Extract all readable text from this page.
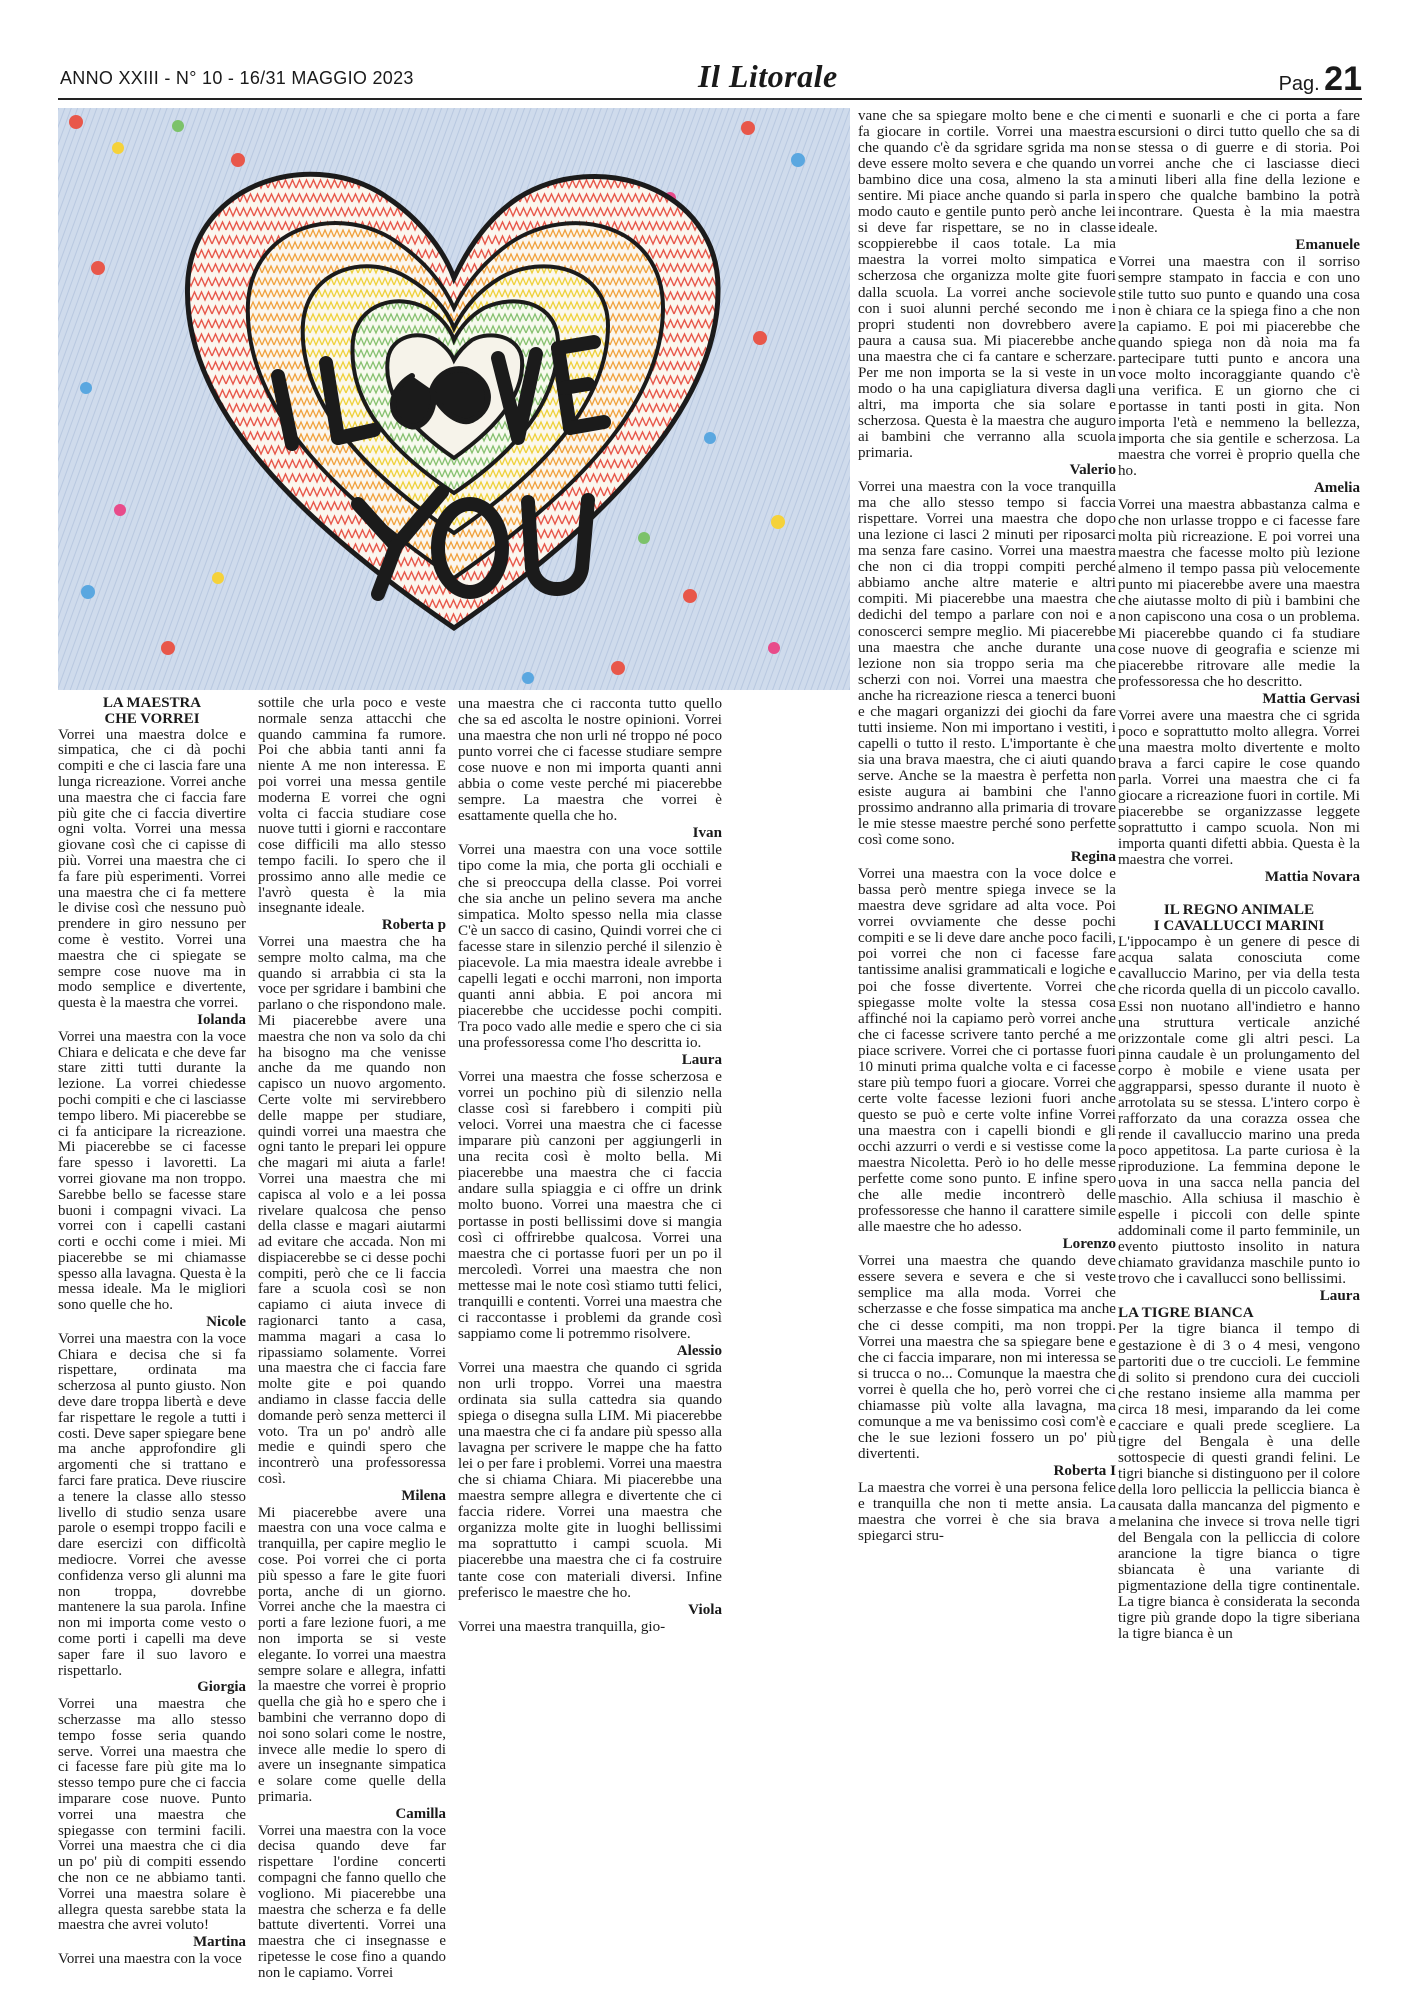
ANNO XXIII - N° 10 - 16/31 MAGGIO 2023	Il Litorale	Pag. 21
LA MAESTRA
CHE VORREI

Vorrei una maestra dolce e simpatica, che ci dà pochi compiti e che ci lascia fare una lunga ricreazione. Vorrei anche una maestra che ci faccia fare più gite che ci faccia divertire ogni volta. Vorrei una messa giovane così che ci capisse di più. Vorrei una maestra che ci fa fare più esperimenti. Vorrei una maestra che ci fa mettere le divise così che nessuno può prendere in giro nessuno per come è vestito. Vorrei una maestra che ci spiegate se sempre cose nuove ma in modo semplice e divertente, questa è la maestra che vorrei.

Iolanda

Vorrei una maestra con la voce Chiara e delicata e che deve far stare zitti tutti durante la lezione. La vorrei chiedesse pochi compiti e che ci lasciasse tempo libero. Mi piacerebbe se ci fa anticipare la ricreazione. Mi piacerebbe se ci facesse fare spesso i lavoretti. La vorrei giovane ma non troppo. Sarebbe bello se facesse stare buoni i compagni vivaci. La vorrei con i capelli castani corti e occhi come i miei. Mi piacerebbe se mi chiamasse spesso alla lavagna. Questa è la messa ideale. Ma le migliori sono quelle che ho.

Nicole

Vorrei una maestra con la voce Chiara e decisa che si fa rispettare, ordinata ma scherzosa al punto giusto. Non deve dare troppa libertà e deve far rispettare le regole a tutti i costi. Deve saper spiegare bene ma anche approfondire gli argomenti che si trattano e farci fare pratica. Deve riuscire a tenere la classe allo stesso livello di studio senza usare parole o esempi troppo facili e dare esercizi con difficoltà mediocre. Vorrei che avesse confidenza verso gli alunni ma non troppa, dovrebbe mantenere la sua parola. Infine non mi importa come vesto o come porti i capelli ma deve saper fare il suo lavoro e rispettarlo.

Giorgia

Vorrei una maestra che scherzasse ma allo stesso tempo fosse seria quando serve. Vorrei una maestra che ci facesse fare più gite ma lo stesso tempo pure che ci faccia imparare cose nuove. Punto vorrei una maestra che spiegasse con termini facili. Vorrei una maestra che ci dia un po' più di compiti essendo che non ce ne abbiamo tanti. Vorrei una maestra solare è allegra questa sarebbe stata la maestra che avrei voluto!

Martina

Vorrei una maestra con la voce

sottile che urla poco e veste normale senza attacchi che quando cammina fa rumore. Poi che abbia tanti anni fa niente A me non interessa. E poi vorrei una messa gentile moderna E vorrei che ogni volta ci faccia studiare cose nuove tutti i giorni e raccontare cose difficili ma allo stesso tempo facili. Io spero che il prossimo anno alle medie ce l'avrò questa è la mia insegnante ideale.

Roberta p

Vorrei una maestra che ha sempre molto calma, ma che quando si arrabbia ci sta la voce per sgridare i bambini che parlano o che rispondono male. Mi piacerebbe avere una maestra che non va solo da chi ha bisogno ma che venisse anche da me quando non capisco un nuovo argomento. Certe volte mi servirebbero delle mappe per studiare, quindi vorrei una maestra che ogni tanto le prepari lei oppure che magari mi aiuta a farle! Vorrei una maestra che mi capisca al volo e a lei possa rivelare qualcosa che penso della classe e magari aiutarmi ad evitare che accada. Non mi dispiacerebbe se ci desse pochi compiti, però che ce li faccia fare a scuola così se non capiamo ci aiuta invece di ragionarci tanto a casa, mamma magari a casa lo ripassiamo solamente. Vorrei una maestra che ci faccia fare molte gite e poi quando andiamo in classe faccia delle domande però senza metterci il voto. Tra un po' andrò alle medie e quindi spero che incontrerò una professoressa così.

Milena

Mi piacerebbe avere una maestra con una voce calma e tranquilla, per capire meglio le cose. Poi vorrei che ci porta più spesso a fare le gite fuori porta, anche di un giorno. Vorrei anche che la maestra ci porti a fare lezione fuori, a me non importa se si veste elegante. Io vorrei una maestra sempre solare e allegra, infatti la maestre che vorrei è proprio quella che già ho e spero che i bambini che verranno dopo di noi sono solari come le nostre, invece alle medie lo spero di avere un insegnante simpatica e solare come quelle della primaria.

Camilla

Vorrei una maestra con la voce decisa quando deve far rispettare l'ordine concerti compagni che fanno quello che vogliono. Mi piacerebbe una maestra che scherza e fa delle battute divertenti. Vorrei una maestra che ci insegnasse e ripetesse le cose fino a quando non le capiamo. Vorrei

una maestra che ci racconta tutto quello che sa ed ascolta le nostre opinioni. Vorrei una maestra che non urli né troppo né poco punto vorrei che ci facesse studiare sempre cose nuove e non mi importa quanti anni abbia o come veste perché mi piacerebbe sempre. La maestra che vorrei è esattamente quella che ho.

Ivan

Vorrei una maestra con una voce sottile tipo come la mia, che porta gli occhiali e che si preoccupa della classe. Poi vorrei che sia anche un pelino severa ma anche simpatica. Molto spesso nella mia classe C'è un sacco di casino, Quindi vorrei che ci facesse stare in silenzio perché il silenzio è piacevole. La mia maestra ideale avrebbe i capelli legati e occhi marroni, non importa quanti anni abbia. E poi ancora mi piacerebbe che uccidesse pochi compiti. Tra poco vado alle medie e spero che ci sia una professoressa come l'ho descritta io.

Laura

Vorrei una maestra che fosse scherzosa e vorrei un pochino più di silenzio nella classe così si farebbero i compiti più veloci. Vorrei una maestra che ci facesse imparare più canzoni per aggiungerli in una recita così è molto bella. Mi piacerebbe una maestra che ci faccia andare sulla spiaggia e ci offre un drink molto buono. Vorrei una maestra che ci portasse in posti bellissimi dove si mangia così ci offrirebbe qualcosa. Vorrei una maestra che ci portasse fuori per un po il mercoledì. Vorrei una maestra che non mettesse mai le note così stiamo tutti felici, tranquilli e contenti. Vorrei una maestra che ci raccontasse i problemi da grande così sappiamo come li potremmo risolvere.

Alessio

Vorrei una maestra che quando ci sgrida non urli troppo. Vorrei una maestra ordinata sia sulla cattedra sia quando spiega o disegna sulla LIM. Mi piacerebbe una maestra che ci fa andare più spesso alla lavagna per scrivere le mappe che ha fatto lei o per fare i problemi. Vorrei una maestra che si chiama Chiara. Mi piacerebbe una maestra sempre allegra e divertente che ci faccia ridere. Vorrei una maestra che organizza molte gite in luoghi bellissimi ma soprattutto i campi scuola. Mi piacerebbe una maestra che ci fa costruire tante cose con materiali diversi. Infine preferisco le maestre che ho.

Viola

Vorrei una maestra tranquilla, gio-

vane che sa spiegare molto bene e che ci fa giocare in cortile. Vorrei una maestra che quando c'è da sgridare sgrida ma non deve essere molto severa e che quando un bambino dice una cosa, almeno la sta a sentire. Mi piace anche quando si parla in modo cauto e gentile punto però anche lei si deve far rispettare, se no in classe scoppierebbe il caos totale. La mia maestra la vorrei molto simpatica e scherzosa che organizza molte gite fuori dalla scuola. La vorrei anche socievole con i suoi alunni perché secondo me i propri studenti non dovrebbero avere paura a causa sua. Mi piacerebbe anche una maestra che ci fa cantare e scherzare. Per me non importa se la si veste in un modo o ha una capigliatura diversa dagli altri, ma importa che sia solare e scherzosa. Questa è la maestra che auguro ai bambini che verranno alla scuola primaria.

Valerio

Vorrei una maestra con la voce tranquilla ma che allo stesso tempo si faccia rispettare. Vorrei una maestra che dopo una lezione ci lasci 2 minuti per riposarci ma senza fare casino. Vorrei una maestra che non ci dia troppi compiti perché abbiamo anche altre materie e altri compiti. Mi piacerebbe una maestra che dedichi del tempo a parlare con noi e a conoscerci sempre meglio. Mi piacerebbe una maestra che anche durante una lezione non sia troppo seria ma che scherzi con noi. Vorrei una maestra che anche ha ricreazione riesca a tenerci buoni e che magari organizzi dei giochi da fare tutti insieme. Non mi importano i vestiti, i capelli o tutto il resto. L'importante è che sia una brava maestra, che ci aiuti quando serve. Anche se la maestra è perfetta non esiste augura ai bambini che l'anno prossimo andranno alla primaria di trovare le mie stesse maestre perché sono perfette così come sono.

Regina

Vorrei una maestra con la voce dolce e bassa però mentre spiega invece se la maestra deve sgridare ad alta voce. Poi vorrei ovviamente che desse pochi compiti e se li deve dare anche poco facili, poi vorrei che non ci facesse fare tantissime analisi grammaticali e logiche e poi che fosse divertente. Vorrei che spiegasse molte volte la stessa cosa affinché noi la capiamo però vorrei anche che ci facesse scrivere tanto perché a me piace scrivere. Vorrei che ci portasse fuori 10 minuti prima qualche volta e ci facesse stare più tempo fuori a giocare. Vorrei che certe volte facesse lezioni fuori anche questo se può e certe volte infine Vorrei una maestra con i capelli biondi e gli occhi azzurri o verdi e si vestisse come la maestra Nicoletta. Però io ho delle messe perfette come sono punto. E infine spero che alle medie incontrerò delle professoresse che hanno il carattere simile alle maestre che ho adesso.

Lorenzo

Vorrei una maestra che quando deve essere severa e severa e che si veste semplice ma alla moda. Vorrei che scherzasse e che fosse simpatica ma anche che ci desse compiti, ma non troppi. Vorrei una maestra che sa spiegare bene e che ci faccia imparare, non mi interessa se si trucca o no... Comunque la maestra che vorrei è quella che ho, però vorrei che ci chiamasse più volte alla lavagna, ma comunque a me va benissimo così com'è e che le sue lezioni fossero un po' più divertenti.

Roberta I

La maestra che vorrei è una persona felice e tranquilla che non ti mette ansia. La maestra che vorrei è che sia brava a spiegarci stru-

menti e suonarli e che ci porta a fare escursioni o dirci tutto quello che sa di se stessa o di guerre e di storia. Poi vorrei anche che ci lasciasse dieci minuti liberi alla fine della lezione e spero che qualche bambino la potrà incontrare. Questa è la mia maestra ideale.

Emanuele

Vorrei una maestra con il sorriso sempre stampato in faccia e con uno stile tutto suo punto e quando una cosa non è chiara ce la spiega fino a che non la capiamo. E poi mi piacerebbe che quando spiega non dà noia ma fa partecipare tutti punto e ancora una voce molto incoraggiante quando c'è una verifica. E un giorno che ci portasse in tanti posti in gita. Non importa l'età e nemmeno la bellezza, importa che sia gentile e scherzosa. La maestra che vorrei è proprio quella che ho.

Amelia

Vorrei una maestra abbastanza calma e che non urlasse troppo e ci facesse fare molta più ricreazione. E poi vorrei una maestra che facesse molto più lezione almeno il tempo passa più velocemente punto mi piacerebbe avere una maestra che aiutasse molto di più i bambini che non capiscono una cosa o un problema. Mi piacerebbe quando ci fa studiare cose nuove di geografia e scienze mi piacerebbe ritrovare alle medie la professoressa che ho descritto.

Mattia Gervasi

Vorrei avere una maestra che ci sgrida poco e soprattutto molto allegra. Vorrei una maestra molto divertente e molto brava a farci capire le cose quando parla. Vorrei una maestra che ci fa giocare a ricreazione fuori in cortile. Mi piacerebbe se organizzasse leggete soprattutto i campo scuola. Non mi importa quanti difetti abbia. Questa è la maestra che vorrei.

Mattia Novara
IL REGNO ANIMALE
I CAVALLUCCI MARINI

L'ippocampo è un genere di pesce di acqua salata conosciuta come cavalluccio Marino, per via della testa che ricorda quella di un piccolo cavallo. Essi non nuotano all'indietro e hanno una struttura verticale anziché orizzontale come gli altri pesci. La pinna caudale è un prolungamento del corpo è mobile e viene usata per aggrapparsi, spesso durante il nuoto è arrotolata su se stessa. L'intero corpo è rafforzato da una corazza ossea che rende il cavalluccio marino una preda poco appetitosa. La parte curiosa è la riproduzione. La femmina depone le uova in una sacca nella pancia del maschio. Alla schiusa il maschio è espelle i piccoli con delle spinte addominali come il parto femminile, un evento piuttosto insolito in natura chiamato gravidanza maschile punto io trovo che i cavallucci sono bellissimi.

Laura
LA TIGRE BIANCA

Per la tigre bianca il tempo di gestazione è di 3 o 4 mesi, vengono partoriti due o tre cuccioli. Le femmine di solito si prendono cura dei cuccioli che restano insieme alla mamma per circa 18 mesi, imparando da lei come cacciare e quali prede scegliere. La tigre del Bengala è una delle sottospecie di questi grandi felini. Le tigri bianche si distinguono per il colore della loro pelliccia la pelliccia bianca è causata dalla mancanza del pigmento e melanina che invece si trova nelle tigri del Bengala con la pelliccia di colore arancione la tigre bianca o tigre sbiancata è una variante di pigmentazione della tigre continentale. La tigre bianca è considerata la seconda tigre più grande dopo la tigre siberiana la tigre bianca è un
